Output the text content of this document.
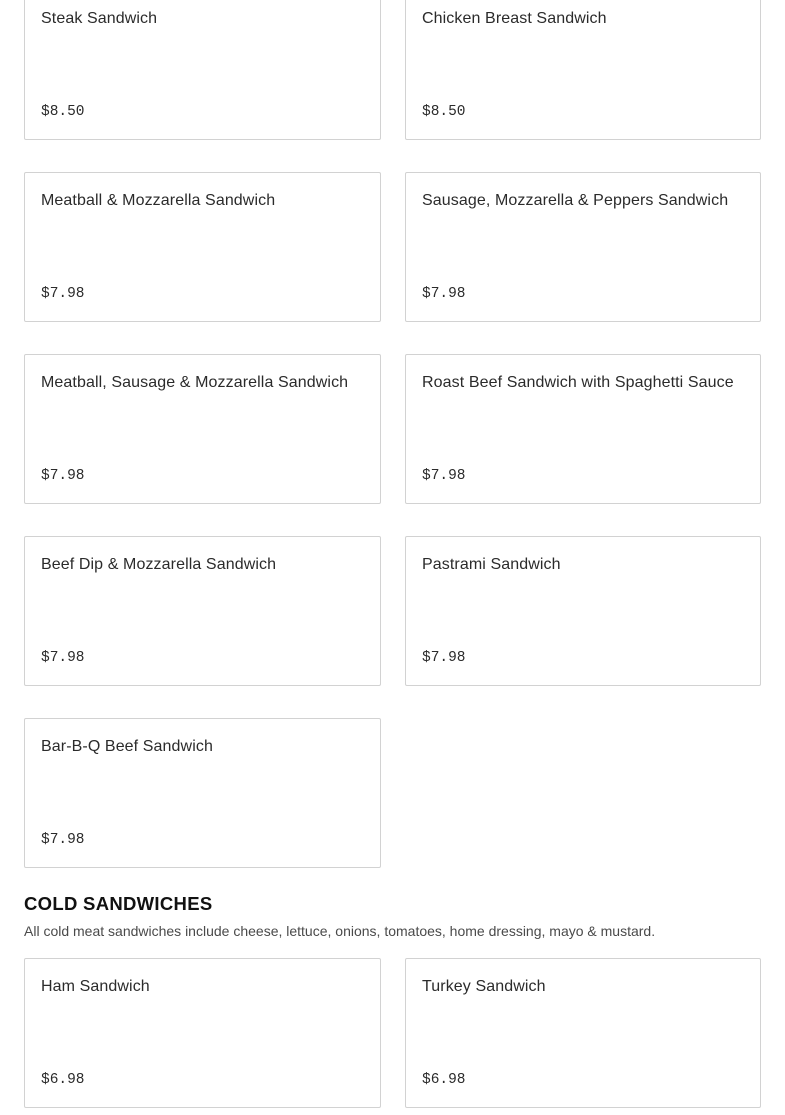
Steak Sandwich
$8.50
Chicken Breast Sandwich
$8.50
Meatball & Mozzarella Sandwich
$7.98
Sausage, Mozzarella & Peppers Sandwich
$7.98
Meatball, Sausage & Mozzarella Sandwich
$7.98
Roast Beef Sandwich with Spaghetti Sauce
$7.98
Beef Dip & Mozzarella Sandwich
$7.98
Pastrami Sandwich
$7.98
Bar-B-Q Beef Sandwich
$7.98
COLD SANDWICHES

All cold meat sandwiches include cheese, lettuce, onions, tomatoes, home dressing, mayo & mustard.

Ham Sandwich
$6.98
Turkey Sandwich
$6.98
